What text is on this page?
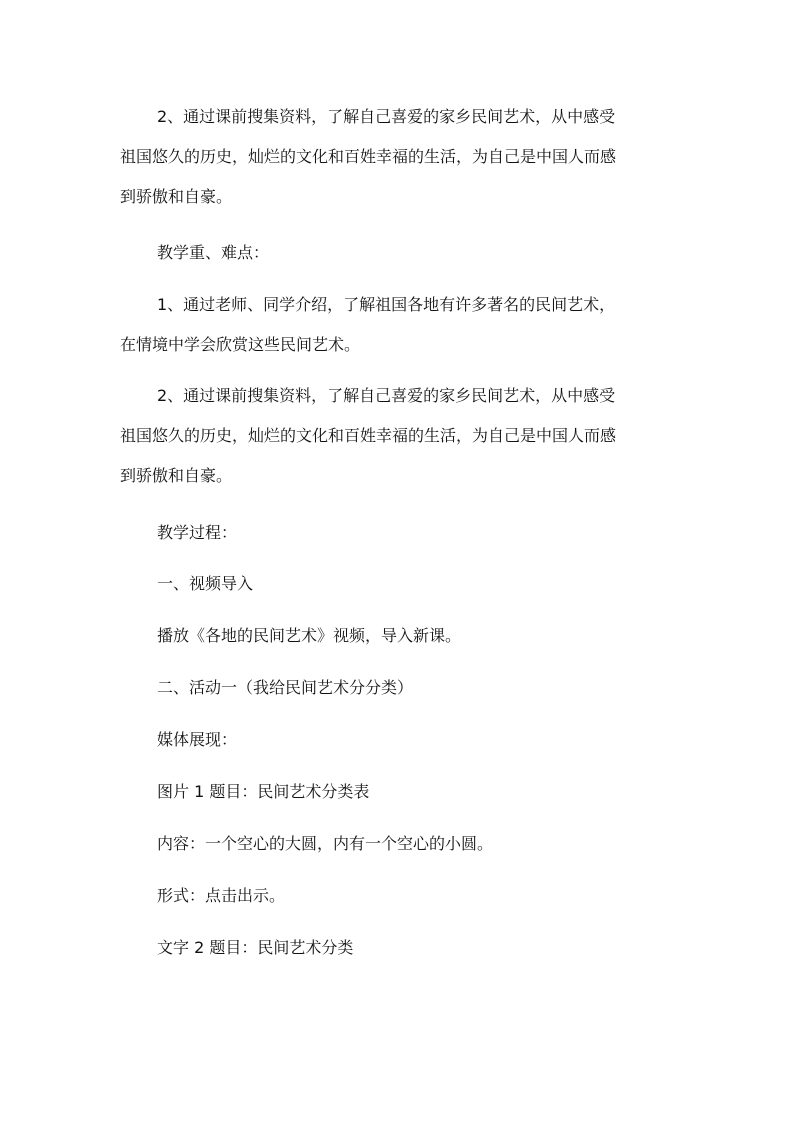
2、通过课前搜集资料，了解自己喜爱的家乡民间艺术，从中感受
祖国悠久的历史，灿烂的文化和百姓幸福的生活，为自己是中国人而感
到骄傲和自豪。
教学重、难点：
1、通过老师、同学介绍，了解祖国各地有许多著名的民间艺术，
在情境中学会欣赏这些民间艺术。
2、通过课前搜集资料，了解自己喜爱的家乡民间艺术，从中感受
祖国悠久的历史，灿烂的文化和百姓幸福的生活，为自己是中国人而感
到骄傲和自豪。
教学过程：
一、视频导入
播放《各地的民间艺术》视频，导入新课。
二、活动一（我给民间艺术分分类）
媒体展现：
图片 1 题目：民间艺术分类表
内容：一个空心的大圆，内有一个空心的小圆。
形式：点击出示。
文字 2 题目：民间艺术分类
